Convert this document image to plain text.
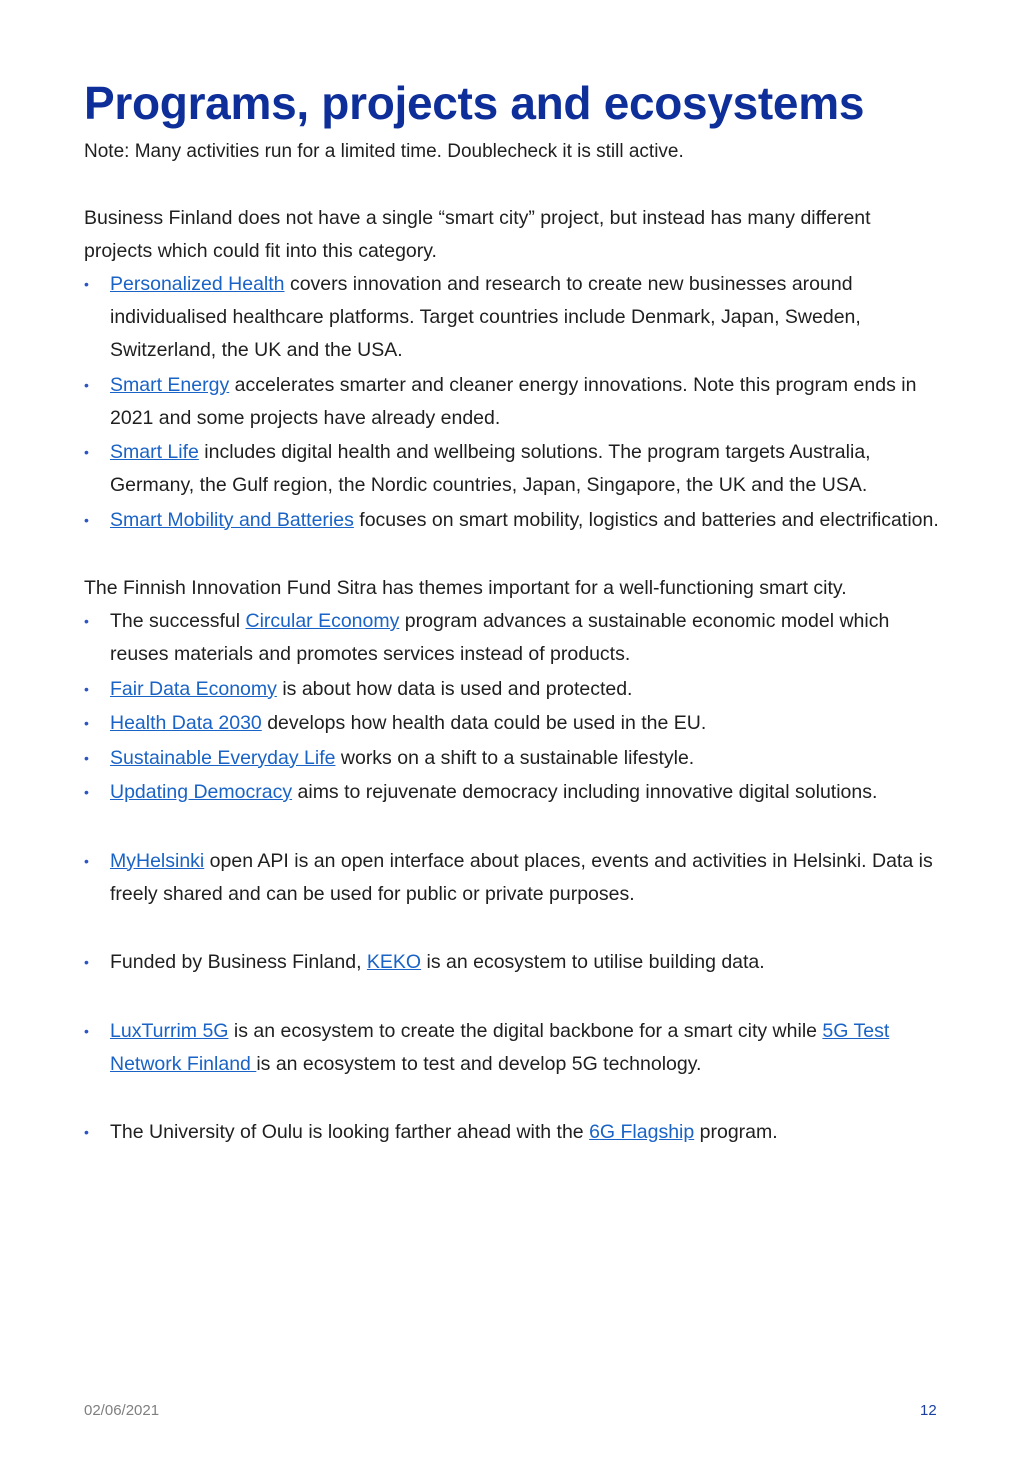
Programs, projects and ecosystems

Note: Many activities run for a limited time. Doublecheck it is still active.

Business Finland does not have a single “smart city” project, but instead has many different projects which could fit into this category.

• Personalized Health covers innovation and research to create new businesses around individualised healthcare platforms. Target countries include Denmark, Japan, Sweden, Switzerland, the UK and the USA.
• Smart Energy accelerates smarter and cleaner energy innovations. Note this program ends in 2021 and some projects have already ended.
• Smart Life includes digital health and wellbeing solutions. The program targets Australia, Germany, the Gulf region, the Nordic countries, Japan, Singapore, the UK and the USA.
• Smart Mobility and Batteries focuses on smart mobility, logistics and batteries and electrification.

The Finnish Innovation Fund Sitra has themes important for a well-functioning smart city.

• The successful Circular Economy program advances a sustainable economic model which reuses materials and promotes services instead of products.
• Fair Data Economy is about how data is used and protected.
• Health Data 2030 develops how health data could be used in the EU.
• Sustainable Everyday Life works on a shift to a sustainable lifestyle.
• Updating Democracy aims to rejuvenate democracy including innovative digital solutions.
• MyHelsinki open API is an open interface about places, events and activities in Helsinki. Data is freely shared and can be used for public or private purposes.
• Funded by Business Finland, KEKO is an ecosystem to utilise building data.
• LuxTurrim 5G is an ecosystem to create the digital backbone for a smart city while 5G Test Network Finland is an ecosystem to test and develop 5G technology.
• The University of Oulu is looking farther ahead with the 6G Flagship program.
02/06/2021	12
